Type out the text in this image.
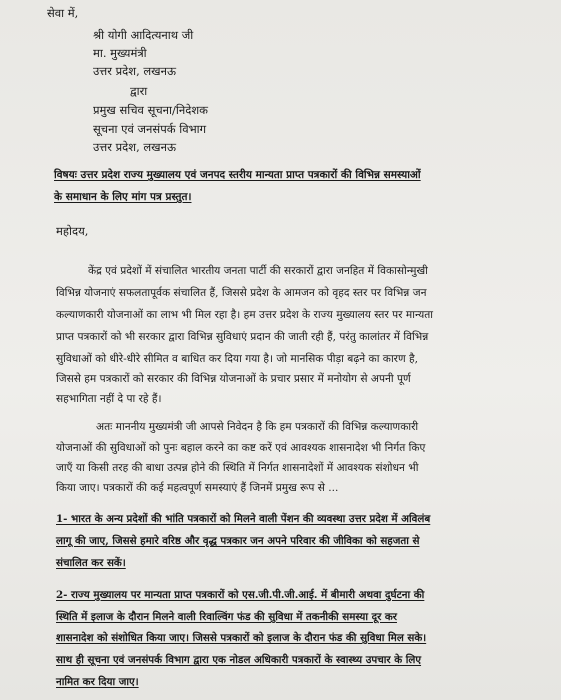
सेवा में,
श्री योगी आदित्यनाथ जी
मा. मुख्यमंत्री
उत्तर प्रदेश, लखनऊ
द्वारा
प्रमुख सचिव सूचना/निदेशक
सूचना एवं जनसंपर्क विभाग
उत्तर प्रदेश, लखनऊ
विषयः उत्तर प्रदेश राज्य मुख्यालय एवं जनपद स्तरीय मान्यता प्राप्त पत्रकारों की विभिन्न समस्याओं
के समाधान के लिए मांग पत्र प्रस्तुत।
महोदय,
केंद्र एवं प्रदेशों में संचालित भारतीय जनता पार्टी की सरकारों द्वारा जनहित में विकासोन्मुखी
विभिन्न योजनाएं सफलतापूर्वक संचालित हैं, जिससे प्रदेश के आमजन को वृहद स्तर पर विभिन्न जन
कल्याणकारी योजनाओं का लाभ भी मिल रहा है। हम उत्तर प्रदेश के राज्य मुख्यालय स्तर पर मान्यता
प्राप्त पत्रकारों को भी सरकार द्वारा विभिन्न सुविधाएं प्रदान की जाती रही हैं, परंतु कालांतर में विभिन्न
सुविधाओं को धीरे-धीरे सीमित व बाधित कर दिया गया है। जो मानसिक पीड़ा बढ़ने का कारण है,
जिससे हम पत्रकारों को सरकार की विभिन्न योजनाओं के प्रचार प्रसार में मनोयोग से अपनी पूर्ण
सहभागिता नहीं दे पा रहे हैं।
अतः माननीय मुख्यमंत्री जी आपसे निवेदन है कि हम पत्रकारों की विभिन्न कल्याणकारी
योजनाओं की सुविधाओं को पुनः बहाल करने का कष्ट करें एवं आवश्यक शासनादेश भी निर्गत किए
जाएँ या किसी तरह की बाधा उत्पन्न होने की स्थिति में निर्गत शासनादेशों में आवश्यक संशोधन भी
किया जाए। पत्रकारों की कई महत्वपूर्ण समस्याएं हैं जिनमें प्रमुख रूप से ...
1- भारत के अन्य प्रदेशों की भांति पत्रकारों को मिलने वाली पेंशन की व्यवस्था उत्तर प्रदेश में अविलंब
लागू की जाए, जिससे हमारे वरिष्ठ और वृद्ध पत्रकार जन अपने परिवार की जीविका को सहजता से
संचालित कर सकें।
2- राज्य मुख्यालय पर मान्यता प्राप्त पत्रकारों को एस.जी.पी.जी.आई. में बीमारी अथवा दुर्घटना की
स्थिति में इलाज के दौरान मिलने वाली रिवाल्विंग फंड की सुविधा में तकनीकी समस्या दूर कर
शासनादेश को संशोधित किया जाए। जिससे पत्रकारों को इलाज के दौरान फंड की सुविधा मिल सके।
साथ ही सूचना एवं जनसंपर्क विभाग द्वारा एक नोडल अधिकारी पत्रकारों के स्वास्थ्य उपचार के लिए
नामित कर दिया जाए।
